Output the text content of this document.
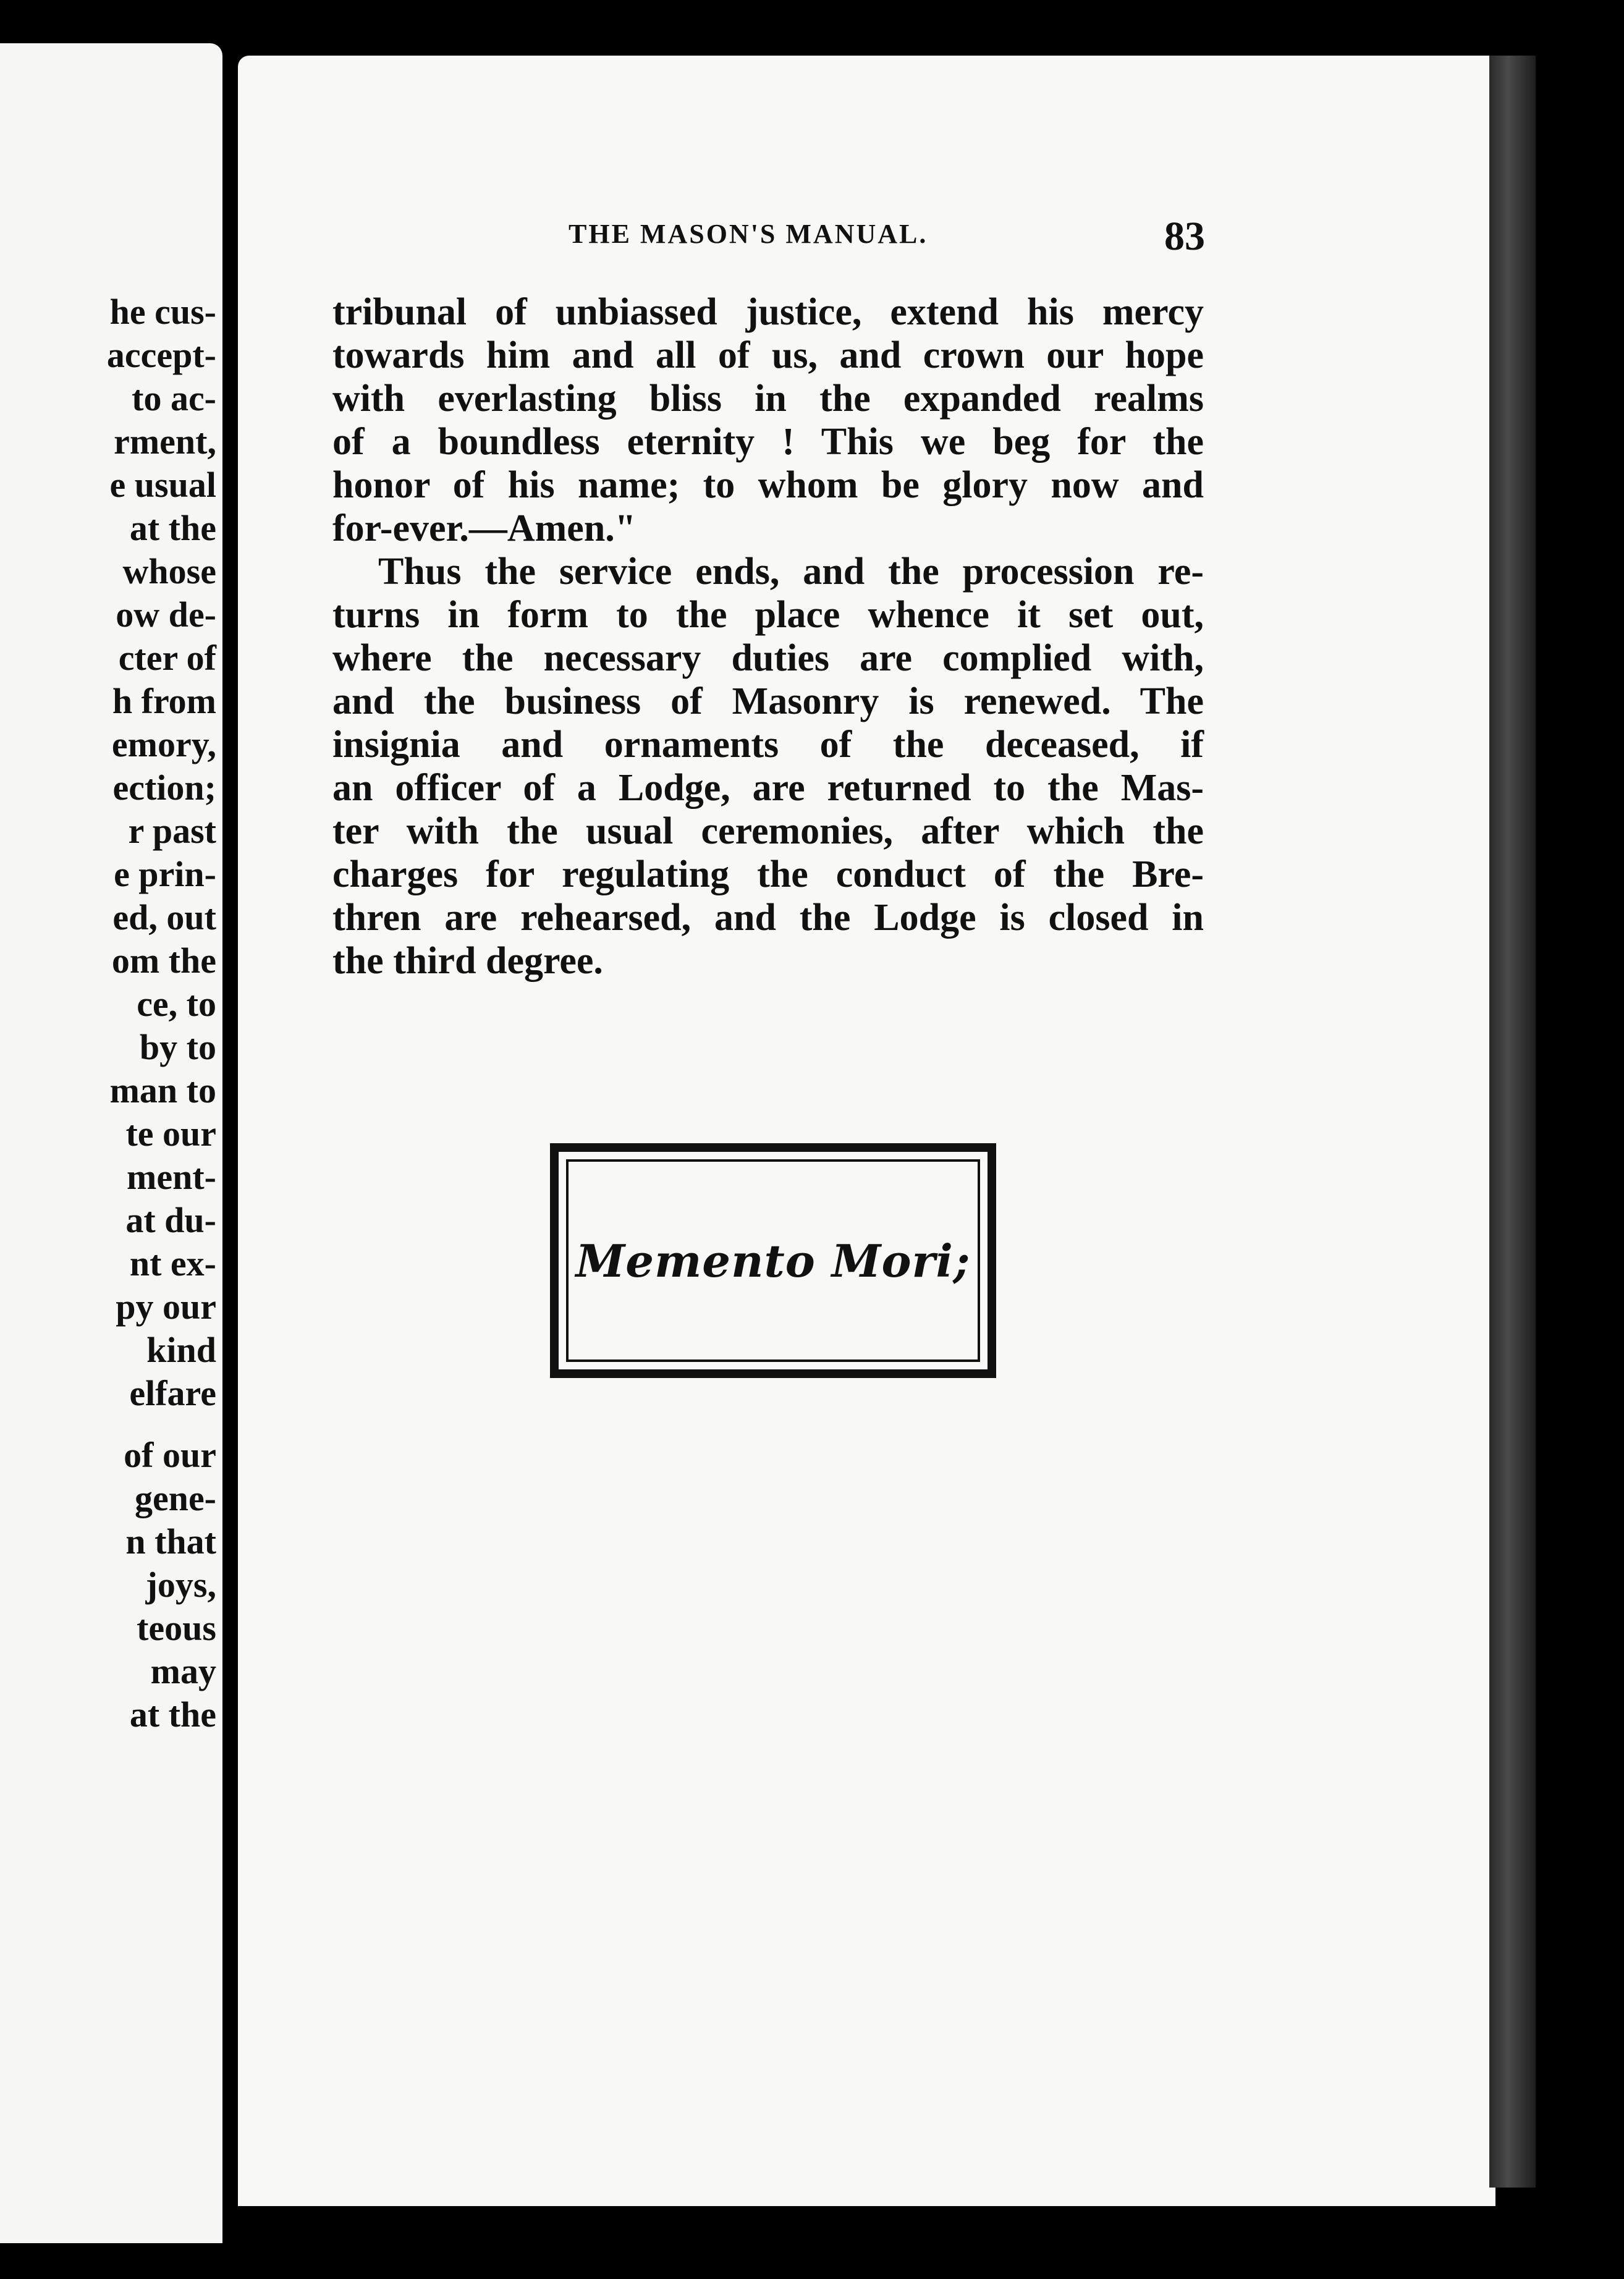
he cus-
accept-
to ac-
rment,
e usual
at the
whose
ow de-
cter of
h from
emory,
ection;
r past
e prin-
ed, out
om the
ce, to
by to
man to
te our
ment-
at du-
nt ex-
py our
kind
elfare
of our
gene-
n that
joys,
teous
may
at the
THE MASON'S MANUAL.	83
tribunal of unbiassed justice, extend his mercy
towards him and all of us, and crown our hope
with everlasting bliss in the expanded realms
of a boundless eternity ! This we beg for the
honor of his name; to whom be glory now and
for-ever.—Amen."
Thus the service ends, and the procession re-
turns in form to the place whence it set out,
where the necessary duties are complied with,
and the business of Masonry is renewed. The
insignia and ornaments of the deceased, if
an officer of a Lodge, are returned to the Mas-
ter with the usual ceremonies, after which the
charges for regulating the conduct of the Bre-
thren are rehearsed, and the Lodge is closed in
the third degree.
Memento Mori;
